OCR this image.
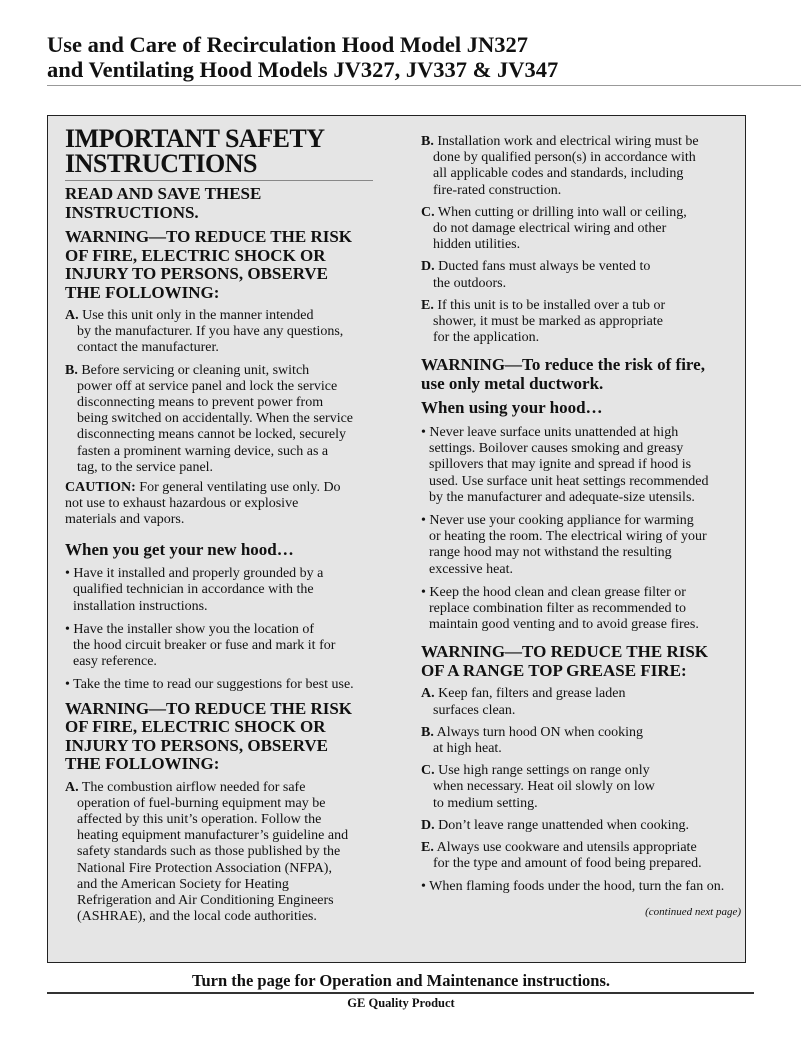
Use and Care of Recirculation Hood Model JN327
and Ventilating Hood Models JV327, JV337 & JV347
IMPORTANT SAFETY
INSTRUCTIONS
READ AND SAVE THESE
INSTRUCTIONS.
WARNING—TO REDUCE THE RISK
OF FIRE, ELECTRIC SHOCK OR
INJURY TO PERSONS, OBSERVE
THE FOLLOWING:
A. Use this unit only in the manner intended
by the manufacturer. If you have any questions,
contact the manufacturer.
B. Before servicing or cleaning unit, switch
power off at service panel and lock the service
disconnecting means to prevent power from
being switched on accidentally. When the service
disconnecting means cannot be locked, securely
fasten a prominent warning device, such as a
tag, to the service panel.
CAUTION: For general ventilating use only. Do
not use to exhaust hazardous or explosive
materials and vapors.
When you get your new hood…
• Have it installed and properly grounded by a
qualified technician in accordance with the
installation instructions.
• Have the installer show you the location of
the hood circuit breaker or fuse and mark it for
easy reference.
• Take the time to read our suggestions for best use.
WARNING—TO REDUCE THE RISK
OF FIRE, ELECTRIC SHOCK OR
INJURY TO PERSONS, OBSERVE
THE FOLLOWING:
A. The combustion airflow needed for safe
operation of fuel-burning equipment may be
affected by this unit’s operation. Follow the
heating equipment manufacturer’s guideline and
safety standards such as those published by the
National Fire Protection Association (NFPA),
and the American Society for Heating
Refrigeration and Air Conditioning Engineers
(ASHRAE), and the local code authorities.
B. Installation work and electrical wiring must be
done by qualified person(s) in accordance with
all applicable codes and standards, including
fire-rated construction.
C. When cutting or drilling into wall or ceiling,
do not damage electrical wiring and other
hidden utilities.
D. Ducted fans must always be vented to
the outdoors.
E. If this unit is to be installed over a tub or
shower, it must be marked as appropriate
for the application.
WARNING—To reduce the risk of fire,
use only metal ductwork.
When using your hood…
• Never leave surface units unattended at high
settings. Boilover causes smoking and greasy
spillovers that may ignite and spread if hood is
used. Use surface unit heat settings recommended
by the manufacturer and adequate-size utensils.
• Never use your cooking appliance for warming
or heating the room. The electrical wiring of your
range hood may not withstand the resulting
excessive heat.
• Keep the hood clean and clean grease filter or
replace combination filter as recommended to
maintain good venting and to avoid grease fires.
WARNING—TO REDUCE THE RISK
OF A RANGE TOP GREASE FIRE:
A. Keep fan, filters and grease laden
surfaces clean.
B. Always turn hood ON when cooking
at high heat.
C. Use high range settings on range only
when necessary. Heat oil slowly on low
to medium setting.
D. Don’t leave range unattended when cooking.
E. Always use cookware and utensils appropriate
for the type and amount of food being prepared.
• When flaming foods under the hood, turn the fan on.
(continued next page)
Turn the page for Operation and Maintenance instructions.
GE Quality Product
